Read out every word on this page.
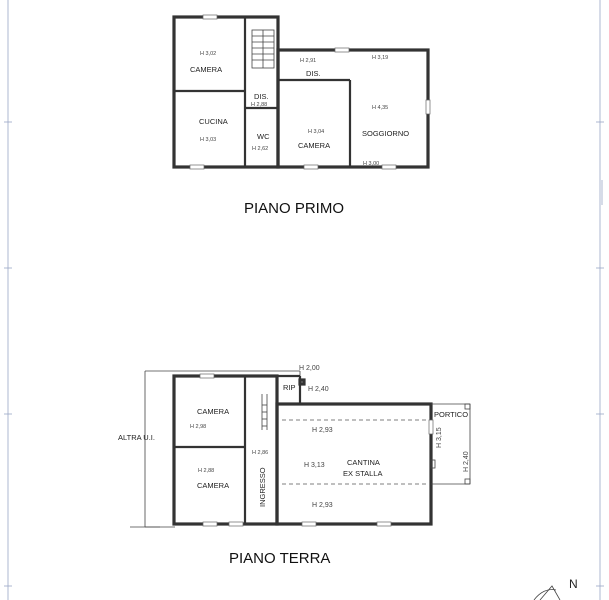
CAMERA
H 3,02
DIS.
H 2,91	H 3,19
CUCINA
H 3,03
DIS.
H 2,88
WC
H 2,62	CAMERA
H 3,04	SOGGIORNO
H 4,35
H 3,00
PIANO PRIMO
H 2,00
RIP H 2,40
CAMERA
H 2,98
PORTICO
H 3,15
H 2,93
H 2,40
CAMERA
H 2,88
H 2,86
CANTINA
H 3,13
EX STALLA
INGRESSO	H 2,93
ALTRA U.I.
PIANO TERRA
N
